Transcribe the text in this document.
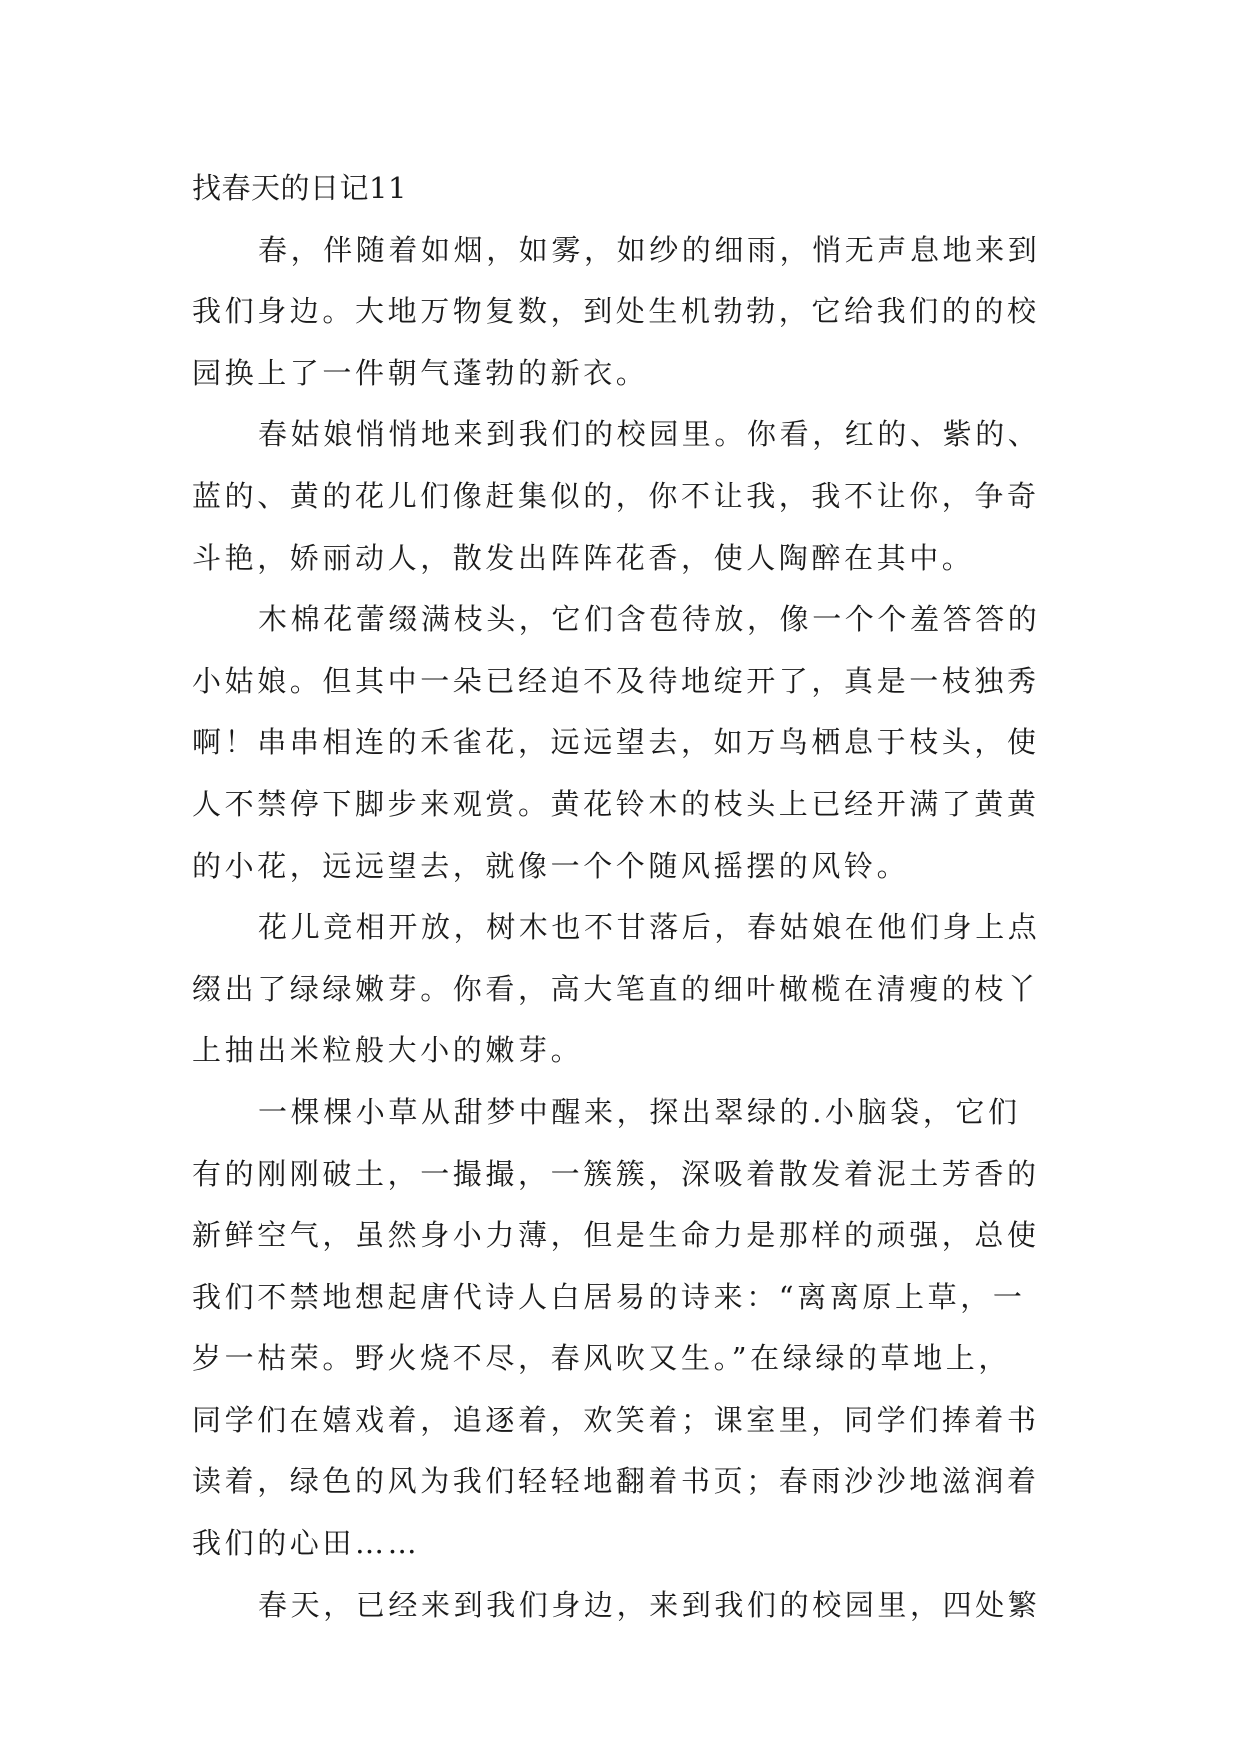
找春天的日记11
春，伴随着如烟，如雾，如纱的细雨，悄无声息地来到
我们身边。大地万物复数，到处生机勃勃，它给我们的的校
园换上了一件朝气蓬勃的新衣。
春姑娘悄悄地来到我们的校园里。你看，红的、紫的、
蓝的、黄的花儿们像赶集似的，你不让我，我不让你，争奇
斗艳，娇丽动人，散发出阵阵花香，使人陶醉在其中。
木棉花蕾缀满枝头，它们含苞待放，像一个个羞答答的
小姑娘。但其中一朵已经迫不及待地绽开了，真是一枝独秀
啊！串串相连的禾雀花，远远望去，如万鸟栖息于枝头，使
人不禁停下脚步来观赏。黄花铃木的枝头上已经开满了黄黄
的小花，远远望去，就像一个个随风摇摆的风铃。
花儿竞相开放，树木也不甘落后，春姑娘在他们身上点
缀出了绿绿嫩芽。你看，高大笔直的细叶橄榄在清瘦的枝丫
上抽出米粒般大小的嫩芽。
一棵棵小草从甜梦中醒来，探出翠绿的.小脑袋，它们
有的刚刚破土，一撮撮，一簇簇，深吸着散发着泥土芳香的
新鲜空气，虽然身小力薄，但是生命力是那样的顽强，总使
我们不禁地想起唐代诗人白居易的诗来：“离离原上草，一
岁一枯荣。野火烧不尽，春风吹又生。”在绿绿的草地上，
同学们在嬉戏着，追逐着，欢笑着；课室里，同学们捧着书
读着，绿色的风为我们轻轻地翻着书页；春雨沙沙地滋润着
我们的心田……
春天，已经来到我们身边，来到我们的校园里，四处繁
